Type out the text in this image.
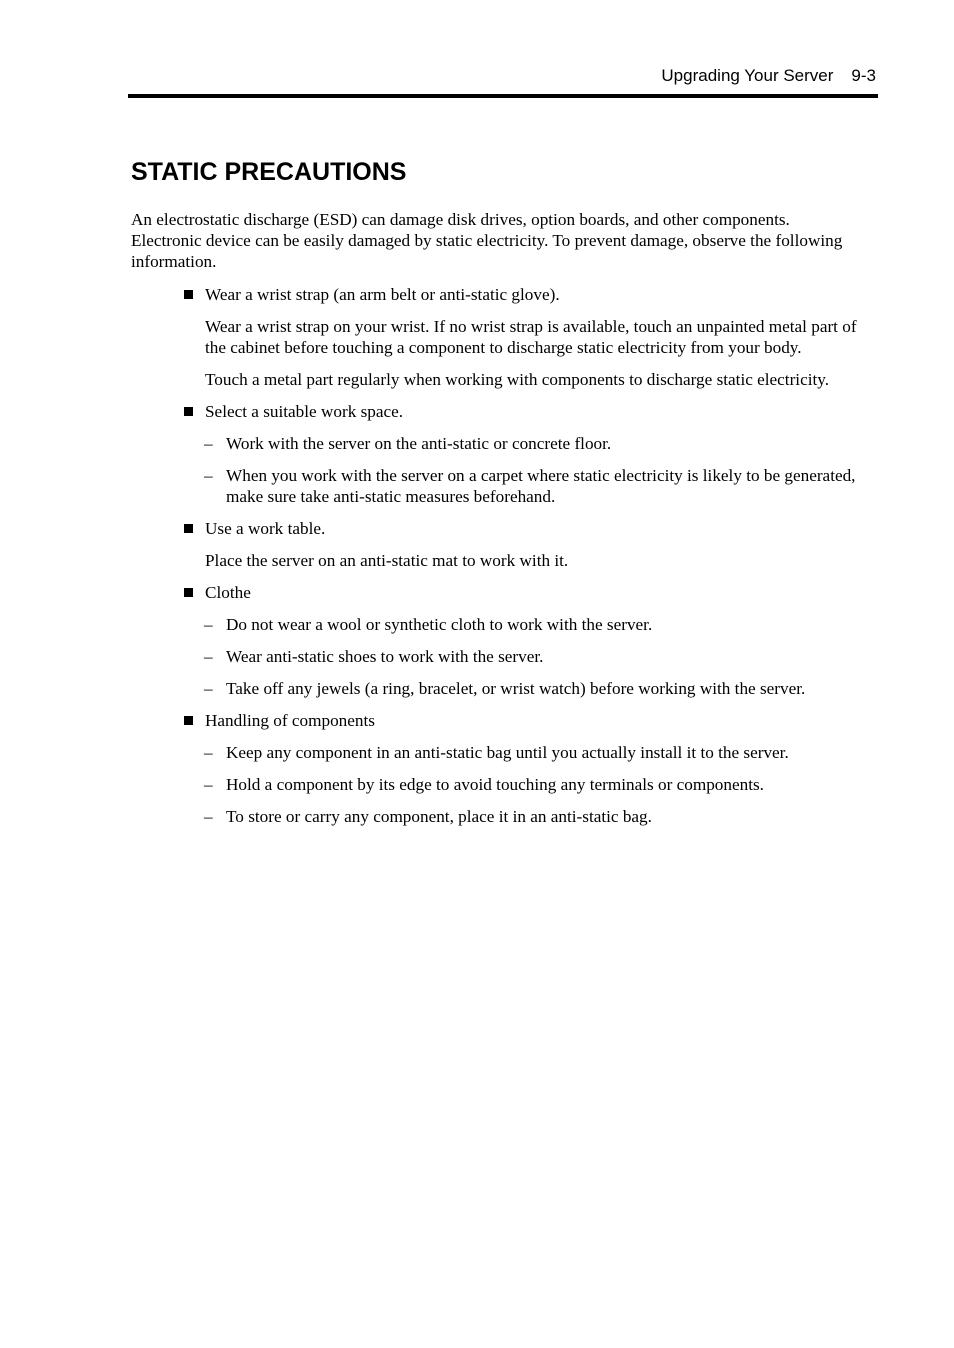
Upgrading Your Server 9-3
STATIC PRECAUTIONS

An electrostatic discharge (ESD) can damage disk drives, option boards, and other components. Electronic device can be easily damaged by static electricity. To prevent damage, observe the following information.

Wear a wrist strap (an arm belt or anti-static glove).

Wear a wrist strap on your wrist. If no wrist strap is available, touch an unpainted metal part of the cabinet before touching a component to discharge static electricity from your body.

Touch a metal part regularly when working with components to discharge static electricity.

Select a suitable work space.
– Work with the server on the anti-static or concrete floor.
– When you work with the server on a carpet where static electricity is likely to be generated, make sure take anti-static measures beforehand.
Use a work table.

Place the server on an anti-static mat to work with it.

Clothe
– Do not wear a wool or synthetic cloth to work with the server.
– Wear anti-static shoes to work with the server.
– Take off any jewels (a ring, bracelet, or wrist watch) before working with the server.
Handling of components
– Keep any component in an anti-static bag until you actually install it to the server.
– Hold a component by its edge to avoid touching any terminals or components.
– To store or carry any component, place it in an anti-static bag.
